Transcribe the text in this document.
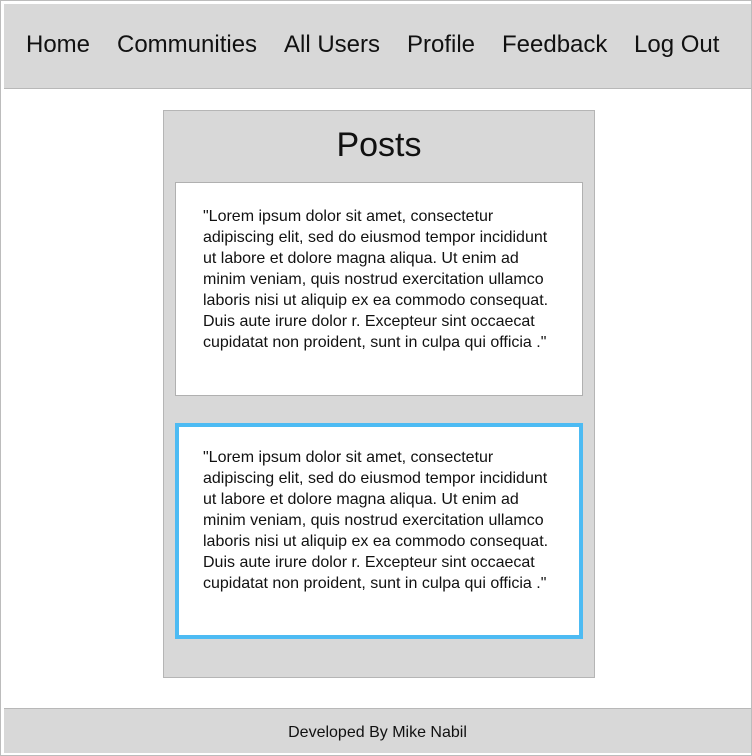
Home Communities All Users Profile Feedback Log Out
Posts
"Lorem ipsum dolor sit amet, consectetur adipiscing elit, sed do eiusmod tempor incididunt ut labore et dolore magna aliqua. Ut enim ad minim veniam, quis nostrud exercitation ullamco laboris nisi ut aliquip ex ea commodo consequat. Duis aute irure dolor r. Excepteur sint occaecat cupidatat non proident, sunt in culpa qui officia ."
"Lorem ipsum dolor sit amet, consectetur adipiscing elit, sed do eiusmod tempor incididunt ut labore et dolore magna aliqua. Ut enim ad minim veniam, quis nostrud exercitation ullamco laboris nisi ut aliquip ex ea commodo consequat. Duis aute irure dolor r. Excepteur sint occaecat cupidatat non proident, sunt in culpa qui officia ."
Developed By Mike Nabil
